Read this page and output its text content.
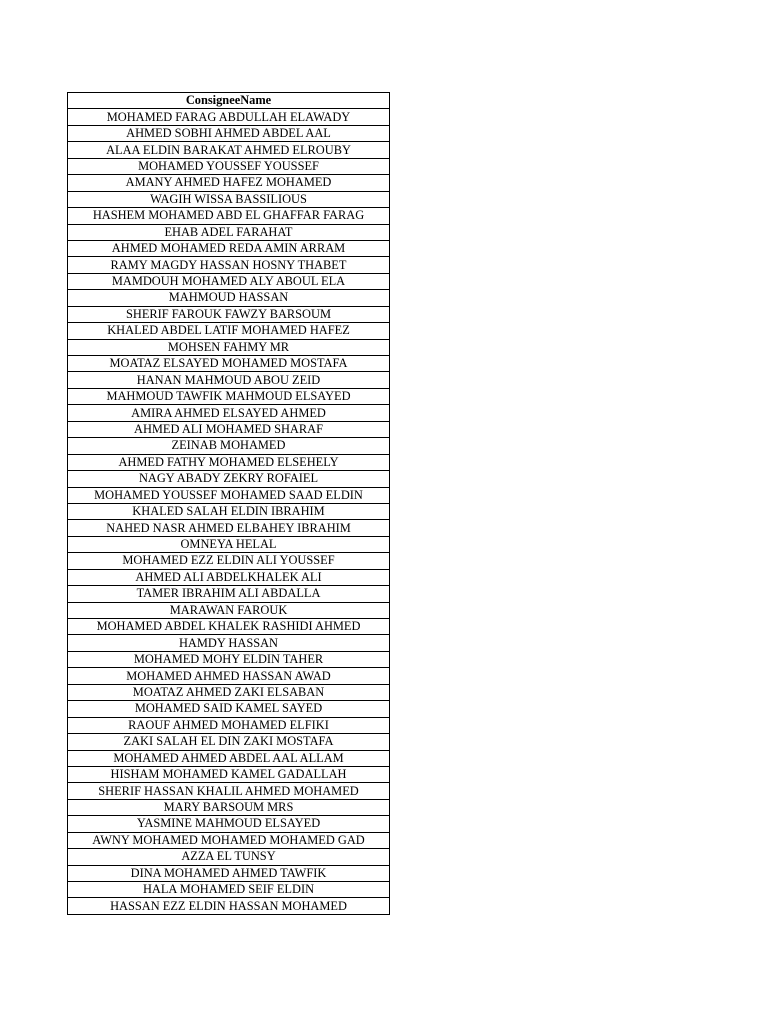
ConsigneeName
MOHAMED FARAG ABDULLAH ELAWADY
AHMED SOBHI AHMED ABDEL AAL
ALAA ELDIN BARAKAT AHMED ELROUBY
MOHAMED YOUSSEF YOUSSEF
AMANY AHMED HAFEZ MOHAMED
WAGIH WISSA BASSILIOUS
HASHEM MOHAMED ABD EL GHAFFAR FARAG
EHAB ADEL FARAHAT
AHMED MOHAMED REDA AMIN ARRAM
RAMY MAGDY HASSAN HOSNY THABET
MAMDOUH MOHAMED ALY ABOUL ELA
MAHMOUD HASSAN
SHERIF FAROUK FAWZY BARSOUM
KHALED ABDEL LATIF MOHAMED HAFEZ
MOHSEN FAHMY MR
MOATAZ ELSAYED MOHAMED MOSTAFA
HANAN MAHMOUD ABOU ZEID
MAHMOUD TAWFIK MAHMOUD ELSAYED
AMIRA AHMED ELSAYED AHMED
AHMED ALI MOHAMED SHARAF
ZEINAB MOHAMED
AHMED FATHY MOHAMED ELSEHELY
NAGY ABADY ZEKRY ROFAIEL
MOHAMED YOUSSEF MOHAMED SAAD ELDIN
KHALED SALAH ELDIN IBRAHIM
NAHED NASR AHMED ELBAHEY IBRAHIM
OMNEYA HELAL
MOHAMED EZZ ELDIN ALI YOUSSEF
AHMED ALI ABDELKHALEK ALI
TAMER IBRAHIM ALI ABDALLA
MARAWAN FAROUK
MOHAMED ABDEL KHALEK RASHIDI AHMED
HAMDY HASSAN
MOHAMED MOHY ELDIN TAHER
MOHAMED AHMED HASSAN AWAD
MOATAZ AHMED ZAKI ELSABAN
MOHAMED SAID KAMEL SAYED
RAOUF AHMED MOHAMED ELFIKI
ZAKI SALAH EL DIN ZAKI MOSTAFA
MOHAMED AHMED ABDEL AAL ALLAM
HISHAM MOHAMED KAMEL GADALLAH
SHERIF HASSAN KHALIL AHMED MOHAMED
MARY BARSOUM MRS
YASMINE MAHMOUD ELSAYED
AWNY MOHAMED MOHAMED MOHAMED GAD
AZZA EL TUNSY
DINA MOHAMED AHMED TAWFIK
HALA MOHAMED SEIF ELDIN
HASSAN EZZ ELDIN HASSAN MOHAMED
